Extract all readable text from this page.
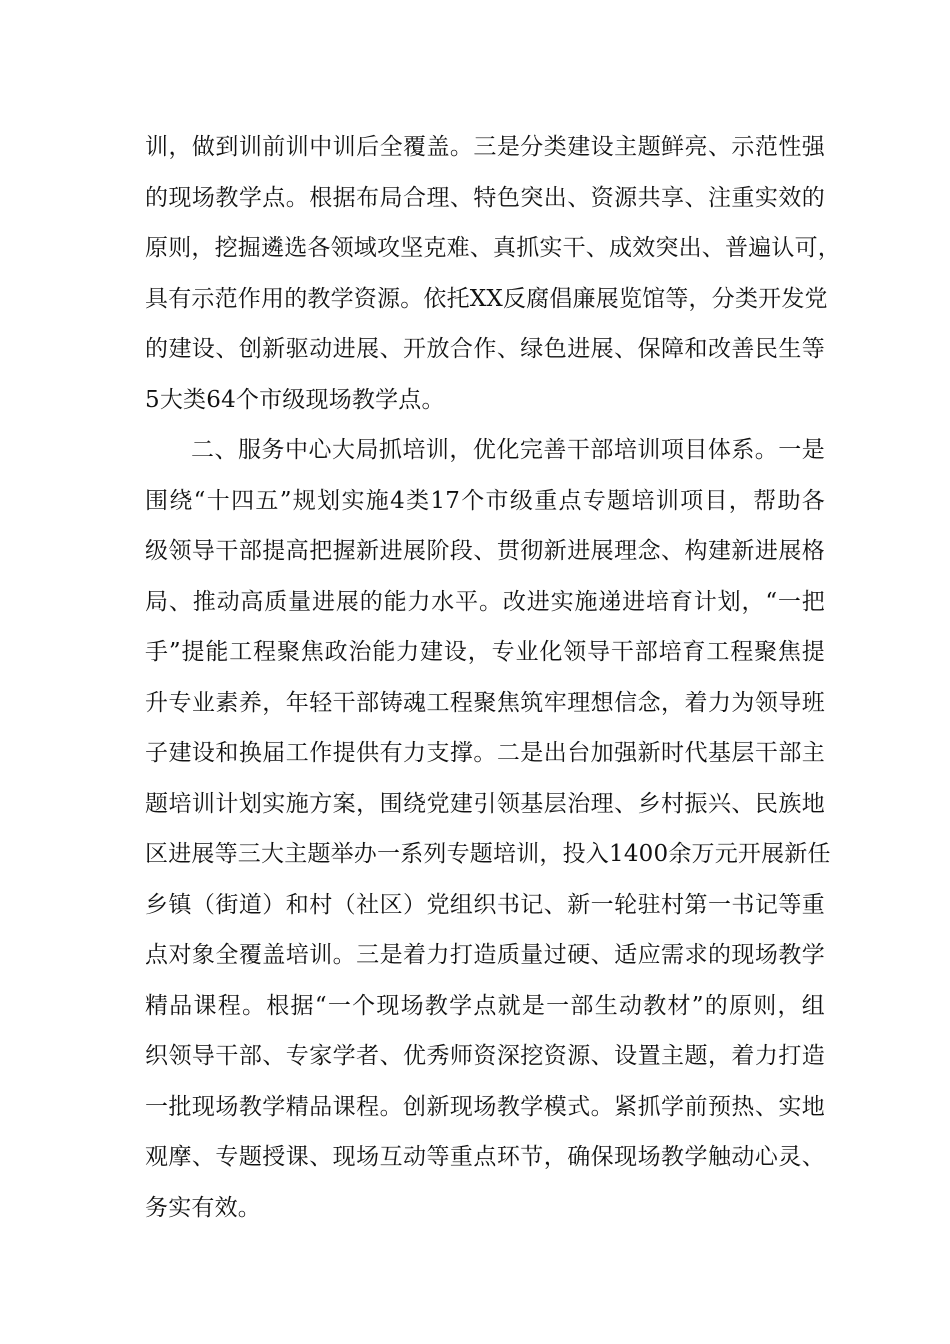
训，做到训前训中训后全覆盖。三是分类建设主题鲜亮、示范性强
的现场教学点。根据布局合理、特色突出、资源共享、注重实效的
原则，挖掘遴选各领域攻坚克难、真抓实干、成效突出、普遍认可，
具有示范作用的教学资源。依托XX反腐倡廉展览馆等，分类开发党
的建设、创新驱动进展、开放合作、绿色进展、保障和改善民生等
5大类64个市级现场教学点。
二、服务中心大局抓培训，优化完善干部培训项目体系。一是
围绕“十四五”规划实施4类17个市级重点专题培训项目，帮助各
级领导干部提高把握新进展阶段、贯彻新进展理念、构建新进展格
局、推动高质量进展的能力水平。改进实施递进培育计划，“一把
手”提能工程聚焦政治能力建设，专业化领导干部培育工程聚焦提
升专业素养，年轻干部铸魂工程聚焦筑牢理想信念，着力为领导班
子建设和换届工作提供有力支撑。二是出台加强新时代基层干部主
题培训计划实施方案，围绕党建引领基层治理、乡村振兴、民族地
区进展等三大主题举办一系列专题培训，投入1400余万元开展新任
乡镇（街道）和村（社区）党组织书记、新一轮驻村第一书记等重
点对象全覆盖培训。三是着力打造质量过硬、适应需求的现场教学
精品课程。根据“一个现场教学点就是一部生动教材”的原则，组
织领导干部、专家学者、优秀师资深挖资源、设置主题，着力打造
一批现场教学精品课程。创新现场教学模式。紧抓学前预热、实地
观摩、专题授课、现场互动等重点环节，确保现场教学触动心灵、
务实有效。
